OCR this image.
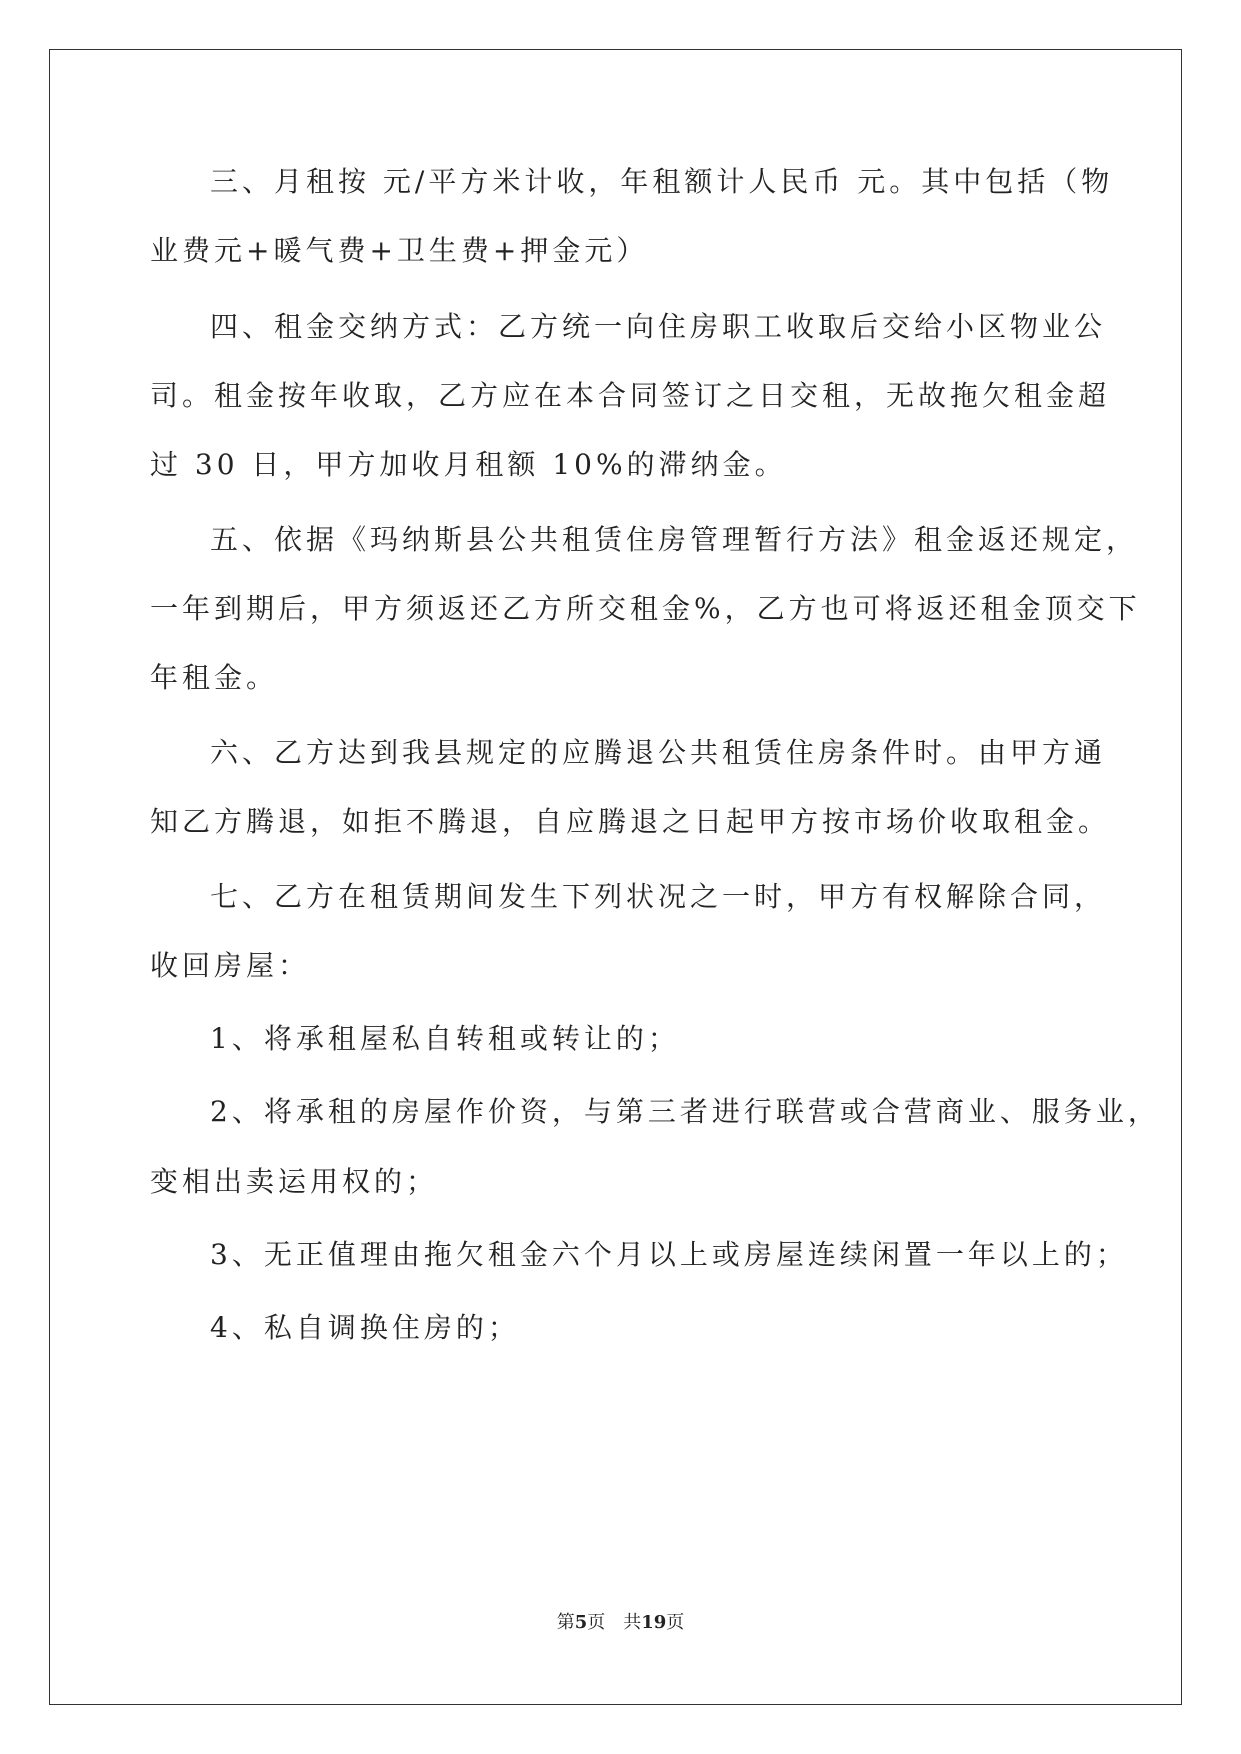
三、月租按 元/平方米计收，年租额计人民币 元。其中包括（物
业费元+暖气费+卫生费+押金元）
四、租金交纳方式：乙方统一向住房职工收取后交给小区物业公
司。租金按年收取，乙方应在本合同签订之日交租，无故拖欠租金超
过 30 日，甲方加收月租额 10%的滞纳金。
五、依据《玛纳斯县公共租赁住房管理暂行方法》租金返还规定，
一年到期后，甲方须返还乙方所交租金%，乙方也可将返还租金顶交下
年租金。
六、乙方达到我县规定的应腾退公共租赁住房条件时。由甲方通
知乙方腾退，如拒不腾退，自应腾退之日起甲方按市场价收取租金。
七、乙方在租赁期间发生下列状况之一时，甲方有权解除合同，
收回房屋：
1、将承租屋私自转租或转让的；
2、将承租的房屋作价资，与第三者进行联营或合营商业、服务业，
变相出卖运用权的；
3、无正值理由拖欠租金六个月以上或房屋连续闲置一年以上的；
4、私自调换住房的；
第5页 共19页
